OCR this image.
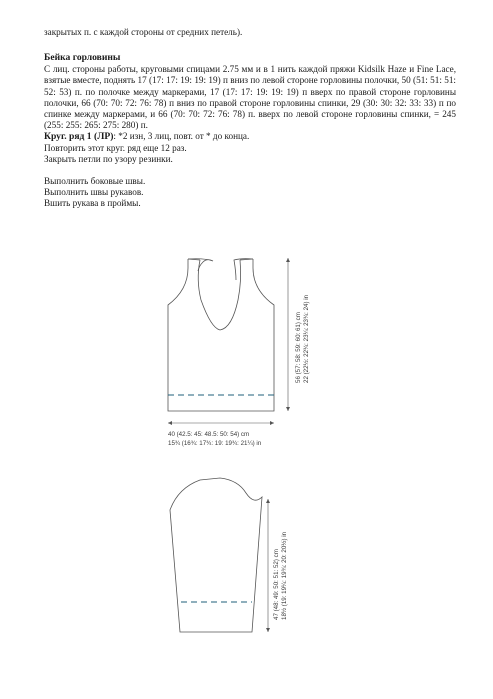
закрытых п. с каждой стороны от средних петель).
Бейка горловины
С лиц. стороны работы, круговыми спицами 2.75 мм и в 1 нить каждой пряжи Kidsilk Haze и Fine Lace, взятые вместе, поднять 17 (17: 17: 19: 19: 19) п вниз по левой стороне горловины полочки, 50 (51: 51: 51: 52: 53) п. по полочке между маркерами, 17 (17: 17: 19: 19: 19) п вверх по правой стороне горловины полочки, 66 (70: 70: 72: 76: 78) п вниз по правой стороне горловины спинки, 29 (30: 30: 32: 33: 33) п по спинке между маркерами, и 66 (70: 70: 72: 76: 78) п. вверх по левой стороне горловины спинки, = 245 (255: 255: 265: 275: 280) п.
Круг. ряд 1 (ЛР): *2 изн, 3 лиц, повт. от * до конца.
Повторить этот круг. ряд еще 12 раз.
Закрыть петли по узору резинки.
Выполнить боковые швы.
Выполнить швы рукавов.
Вшить рукава в проймы.
40 (42.5: 45: 48.5: 50: 54) cm
15¾ (16¾: 17¾: 19: 19¾: 21¼) in
56 (57: 58: 59: 60: 61) cm 22 (22½: 22¾: 23¼: 23¾: 24) in
47 (48: 49: 50: 51: 52) cm 18½ (19: 19¼: 19¾: 20: 20½) in
